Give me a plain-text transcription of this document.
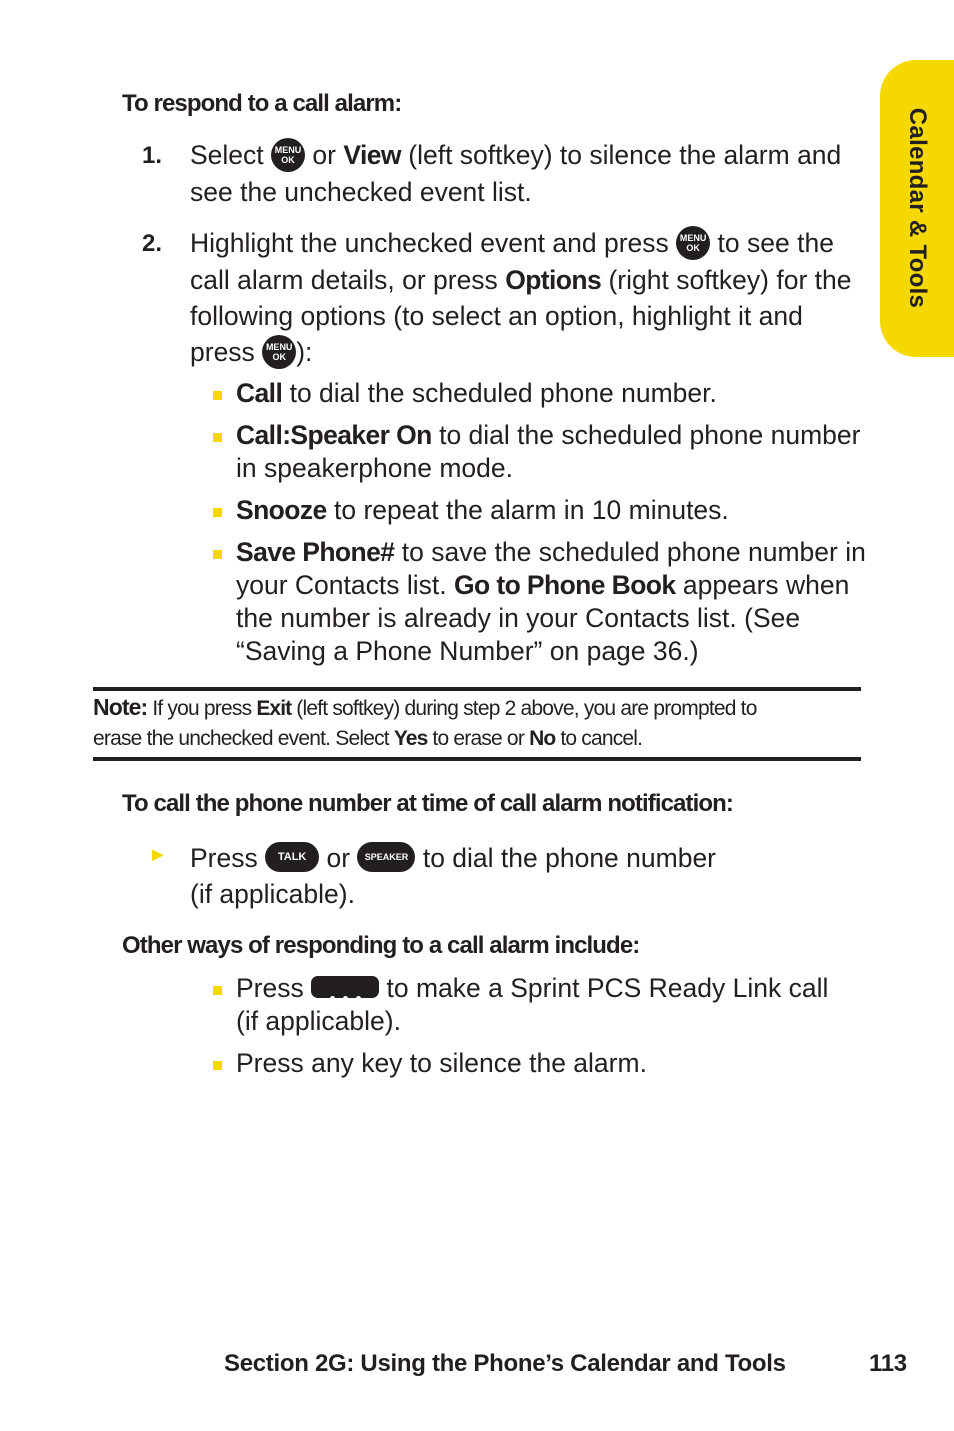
Calendar & Tools
To respond to a call alarm:
1. Select	MENU
OK or View (left softkey) to silence the alarm and
see the unchecked event list.
2. Highlight the unchecked event and press	MENU
OK to see the
call alarm details, or press Options (right softkey) for the
following options (to select an option, highlight it and
press	MENU
OK ):
Call to dial the scheduled phone number.
Call:Speaker On to dial the scheduled phone number
in speakerphone mode.
Snooze to repeat the alarm in 10 minutes.
Save Phone# to save the scheduled phone number in
your Contacts list. Go to Phone Book appears when
the number is already in your Contacts list. (See
“Saving a Phone Number” on page 36.)
Note: If you press Exit (left softkey) during step 2 above, you are prompted to
erase the unchecked event. Select Yes to erase or No to cancel.
To call the phone number at time of call alarm notification:
► Press TALK or SPEAKER to dial the phone number
(if applicable).
Other ways of responding to a call alarm include:
Press	to make a Sprint PCS Ready Link call
(if applicable).
Press any key to silence the alarm.
Section 2G: Using the Phone’s Calendar and Tools	113
